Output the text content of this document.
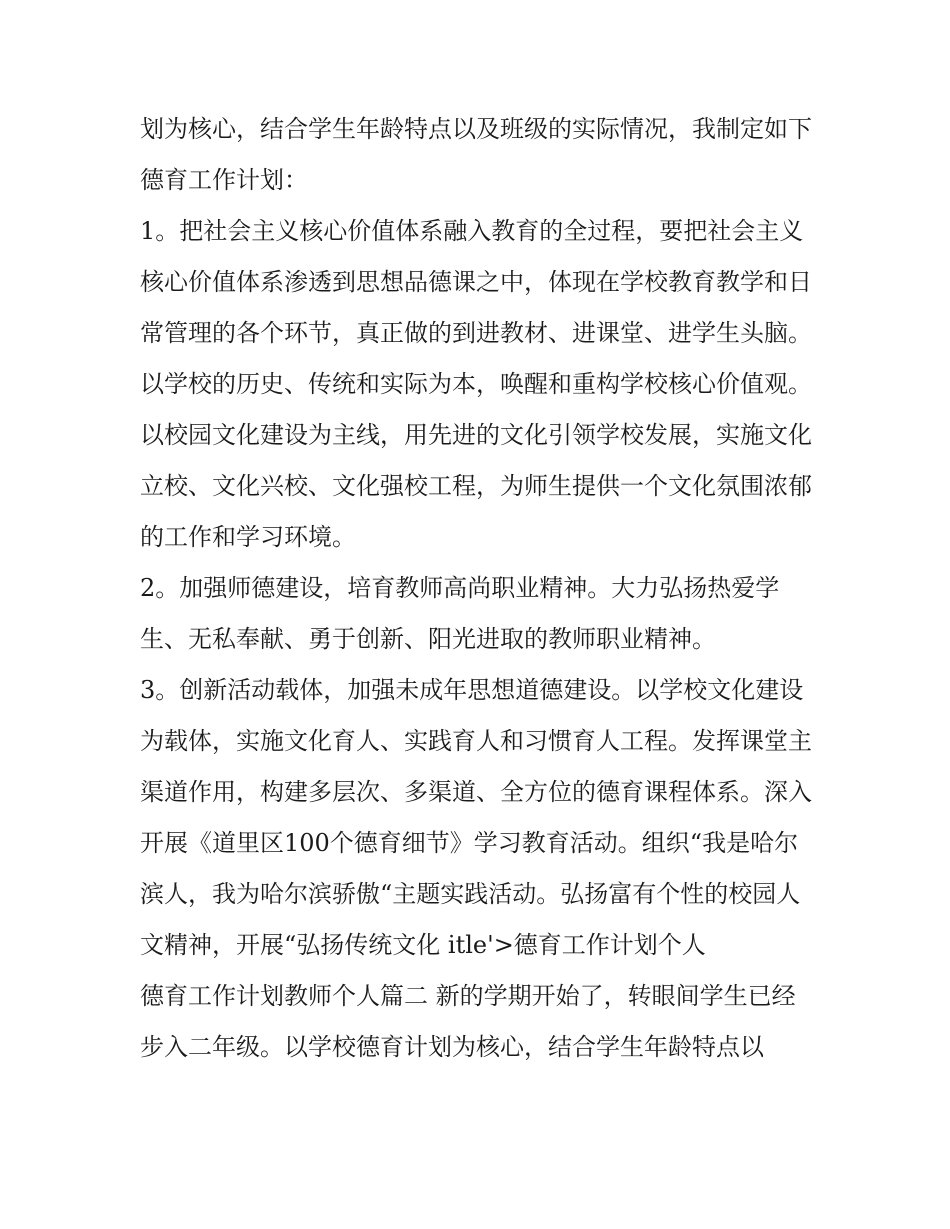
划为核心，结合学生年龄特点以及班级的实际情况，我制定如下德育工作计划：

1。把社会主义核心价值体系融入教育的全过程，要把社会主义核心价值体系渗透到思想品德课之中，体现在学校教育教学和日常管理的各个环节，真正做的到进教材、进课堂、进学生头脑。以学校的历史、传统和实际为本，唤醒和重构学校核心价值观。以校园文化建设为主线，用先进的文化引领学校发展，实施文化立校、文化兴校、文化强校工程，为师生提供一个文化氛围浓郁的工作和学习环境。

2。加强师德建设，培育教师高尚职业精神。大力弘扬热爱学生、无私奉献、勇于创新、阳光进取的教师职业精神。

3。创新活动载体，加强未成年思想道德建设。以学校文化建设为载体，实施文化育人、实践育人和习惯育人工程。发挥课堂主渠道作用，构建多层次、多渠道、全方位的德育课程体系。深入开展《道里区100个德育细节》学习教育活动。组织“我是哈尔滨人，我为哈尔滨骄傲“主题实践活动。弘扬富有个性的校园人文精神，开展“弘扬传统文化 itle'>德育工作计划个人

德育工作计划教师个人篇二 新的学期开始了，转眼间学生已经步入二年级。以学校德育计划为核心，结合学生年龄特点以
